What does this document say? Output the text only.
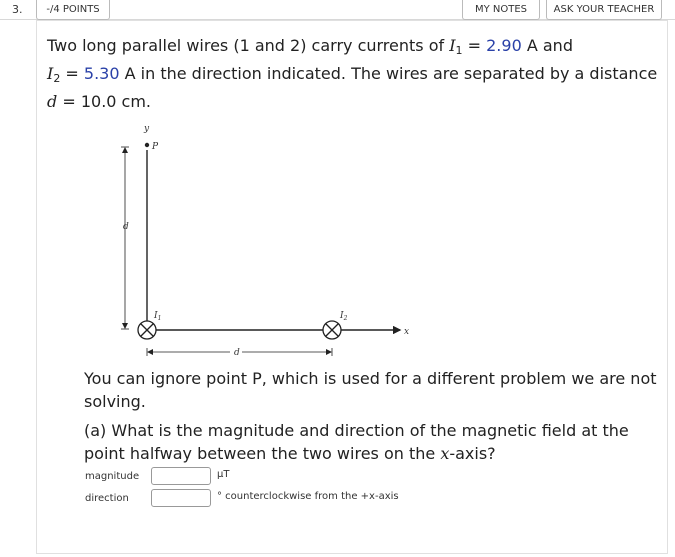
3.	-/4 POINTS	MY NOTES	ASK YOUR TEACHER
Two long parallel wires (1 and 2) carry currents of $I_1 = 2.90$ A and
$I_2 = 5.30$ A in the direction indicated. The wires are separated by a distance
d = 10.0 cm.
y
P
d
x
$I_1$	$I_2$
d
You can ignore point P, which is used for a different problem we are not
solving.
(a) What is the magnitude and direction of the magnetic field at the
point halfway between the two wires on the x-axis?
magnitude	μT
direction	° counterclockwise from the +x-axis
